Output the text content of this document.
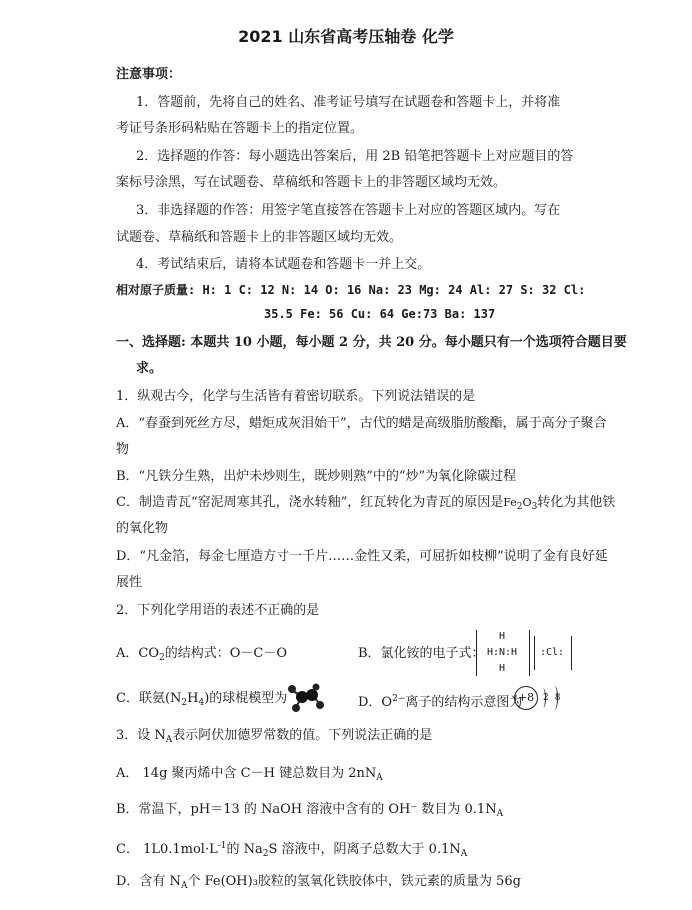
2021 山东省高考压轴卷 化学
注意事项：
1．答题前，先将自己的姓名、准考证号填写在试题卷和答题卡上，并将准
考证号条形码粘贴在答题卡上的指定位置。
2．选择题的作答：每小题选出答案后，用 2B 铅笔把答题卡上对应题目的答
案标号涂黑，写在试题卷、草稿纸和答题卡上的非答题区域均无效。
3．非选择题的作答：用签字笔直接答在答题卡上对应的答题区域内。写在
试题卷、草稿纸和答题卡上的非答题区域均无效。
4．考试结束后，请将本试题卷和答题卡一并上交。
相对原子质量: H: 1 C: 12 N: 14 O: 16 Na: 23 Mg: 24 Al: 27 S: 32 Cl:
35.5 Fe: 56 Cu: 64 Ge:73 Ba: 137
一、选择题: 本题共 10 小题，每小题 2 分，共 20 分。每小题只有一个选项符合题目要
求。
1．纵观古今，化学与生活皆有着密切联系。下列说法错误的是
A．“春蚕到死丝方尽，蜡炬成灰泪始干”，古代的蜡是高级脂肪酸酯，属于高分子聚合
物
B．“凡铁分生熟，出炉未炒则生，既炒则熟”中的“炒”为氧化除碳过程
C．制造青瓦“窑泥周寒其孔，浇水转釉”，红瓦转化为青瓦的原因是$Fe_2O_3$转化为其他铁
的氧化物
D．“凡金箔，每金七厘造方寸一千片……金性又柔，可屈折如枝柳”说明了金有良好延
展性
2．下列化学用语的表述不正确的是
A．$CO_2$的结构式：O－C－O	B．氯化铵的电子式：
H
H:N:H
H
:Cl:
C．联氨$(N_2H_4)$的球棍模型为	D．$O^{2-}$离子的结构示意图为
+8 2 8
3．设 $N_A$表示阿伏加德罗常数的值。下列说法正确的是
A． 14g 聚丙烯中含 C－H 键总数目为 $2nN_A$
B．常温下，pH＝13 的 NaOH 溶液中含有的 OH⁻ 数目为 $0.1N_A$
C． $1L0.1mol\cdot L^{-1}$的 $Na_2S$ 溶液中，阴离子总数大于 $0.1N_A$
D．含有 $N_A$个 Fe(OH)₃胶粒的氢氧化铁胶体中，铁元素的质量为 56g
